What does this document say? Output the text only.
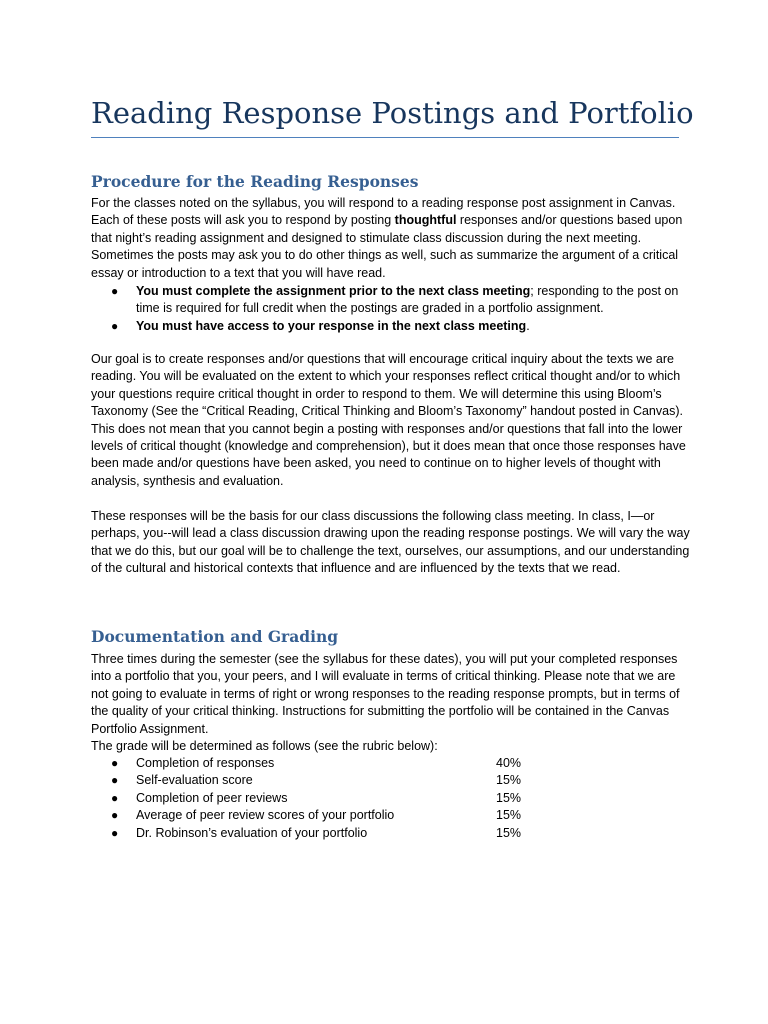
Reading Response Postings and Portfolio
Procedure for the Reading Responses

For the classes noted on the syllabus, you will respond to a reading response post assignment in Canvas. Each of these posts will ask you to respond by posting thoughtful responses and/or questions based upon that night’s reading assignment and designed to stimulate class discussion during the next meeting. Sometimes the posts may ask you to do other things as well, such as summarize the argument of a critical essay or introduction to a text that you will have read.

● You must complete the assignment prior to the next class meeting; responding to the post on time is required for full credit when the postings are graded in a portfolio assignment.
● You must have access to your response in the next class meeting.

Our goal is to create responses and/or questions that will encourage critical inquiry about the texts we are reading. You will be evaluated on the extent to which your responses reflect critical thought and/or to which your questions require critical thought in order to respond to them. We will determine this using Bloom’s Taxonomy (See the “Critical Reading, Critical Thinking and Bloom’s Taxonomy” handout posted in Canvas). This does not mean that you cannot begin a posting with responses and/or questions that fall into the lower levels of critical thought (knowledge and comprehension), but it does mean that once those responses have been made and/or questions have been asked, you need to continue on to higher levels of thought with analysis, synthesis and evaluation.

These responses will be the basis for our class discussions the following class meeting. In class, I—or perhaps, you--will lead a class discussion drawing upon the reading response postings. We will vary the way that we do this, but our goal will be to challenge the text, ourselves, our assumptions, and our understanding of the cultural and historical contexts that influence and are influenced by the texts that we read.

Documentation and Grading

Three times during the semester (see the syllabus for these dates), you will put your completed responses into a portfolio that you, your peers, and I will evaluate in terms of critical thinking. Please note that we are not going to evaluate in terms of right or wrong responses to the reading response prompts, but in terms of the quality of your critical thinking. Instructions for submitting the portfolio will be contained in the Canvas Portfolio Assignment.

The grade will be determined as follows (see the rubric below):

● Completion of responses	40%
● Self-evaluation score	15%
● Completion of peer reviews	15%
● Average of peer review scores of your portfolio	15%
● Dr. Robinson’s evaluation of your portfolio	15%
